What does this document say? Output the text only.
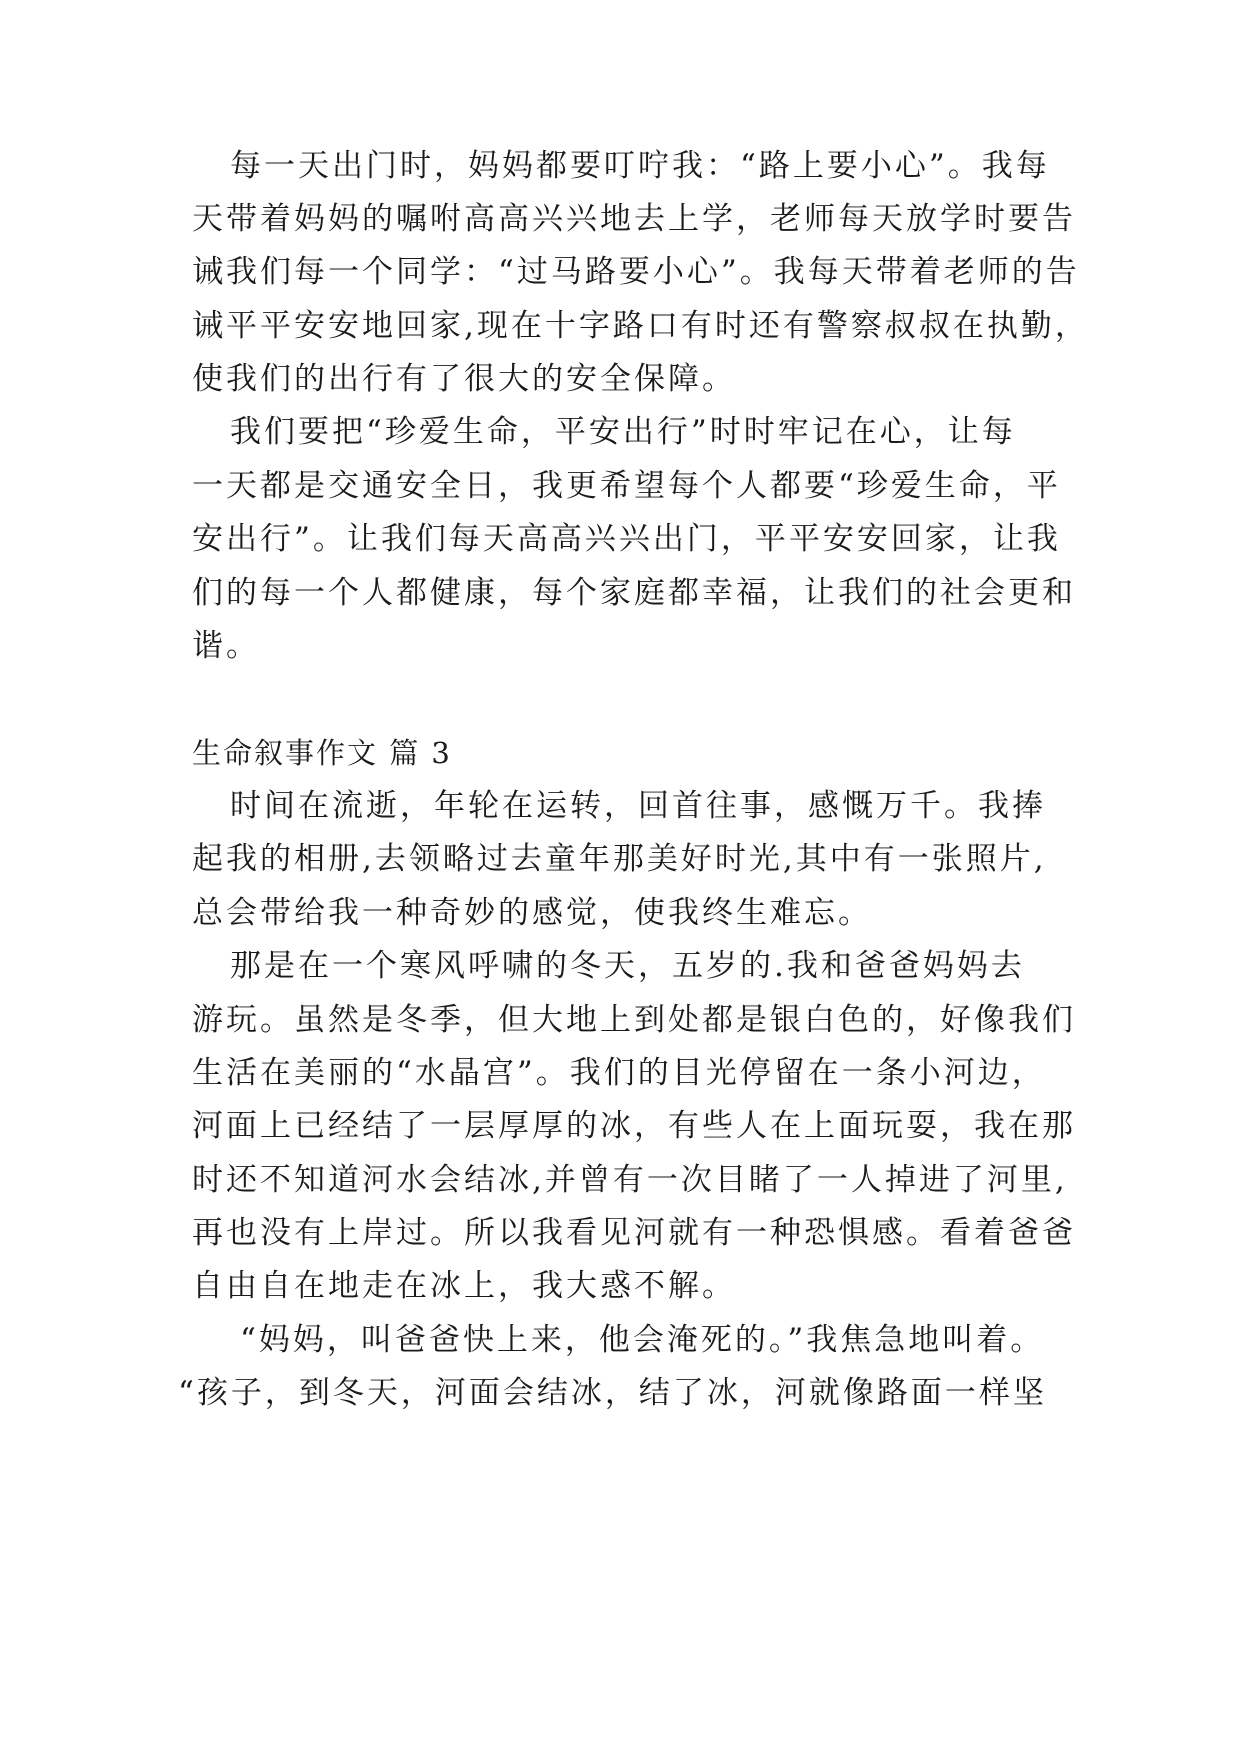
每一天出门时，妈妈都要叮咛我：“路上要小心”。我每
天带着妈妈的嘱咐高高兴兴地去上学，老师每天放学时要告
诫我们每一个同学：“过马路要小心”。我每天带着老师的告
诫平平安安地回家,现在十字路口有时还有警察叔叔在执勤，
使我们的出行有了很大的安全保障。
我们要把“珍爱生命，平安出行”时时牢记在心，让每
一天都是交通安全日，我更希望每个人都要“珍爱生命，平
安出行”。让我们每天高高兴兴出门，平平安安回家，让我
们的每一个人都健康，每个家庭都幸福，让我们的社会更和
谐。
生命叙事作文 篇 3
时间在流逝，年轮在运转，回首往事，感慨万千。我捧
起我的相册,去领略过去童年那美好时光,其中有一张照片,
总会带给我一种奇妙的感觉，使我终生难忘。
那是在一个寒风呼啸的冬天，五岁的.我和爸爸妈妈去
游玩。虽然是冬季，但大地上到处都是银白色的，好像我们
生活在美丽的“水晶宫”。我们的目光停留在一条小河边，
河面上已经结了一层厚厚的冰，有些人在上面玩耍，我在那
时还不知道河水会结冰,并曾有一次目睹了一人掉进了河里,
再也没有上岸过。所以我看见河就有一种恐惧感。看着爸爸
自由自在地走在冰上，我大惑不解。
“妈妈，叫爸爸快上来，他会淹死的。”我焦急地叫着。
“孩子，到冬天，河面会结冰，结了冰，河就像路面一样坚
